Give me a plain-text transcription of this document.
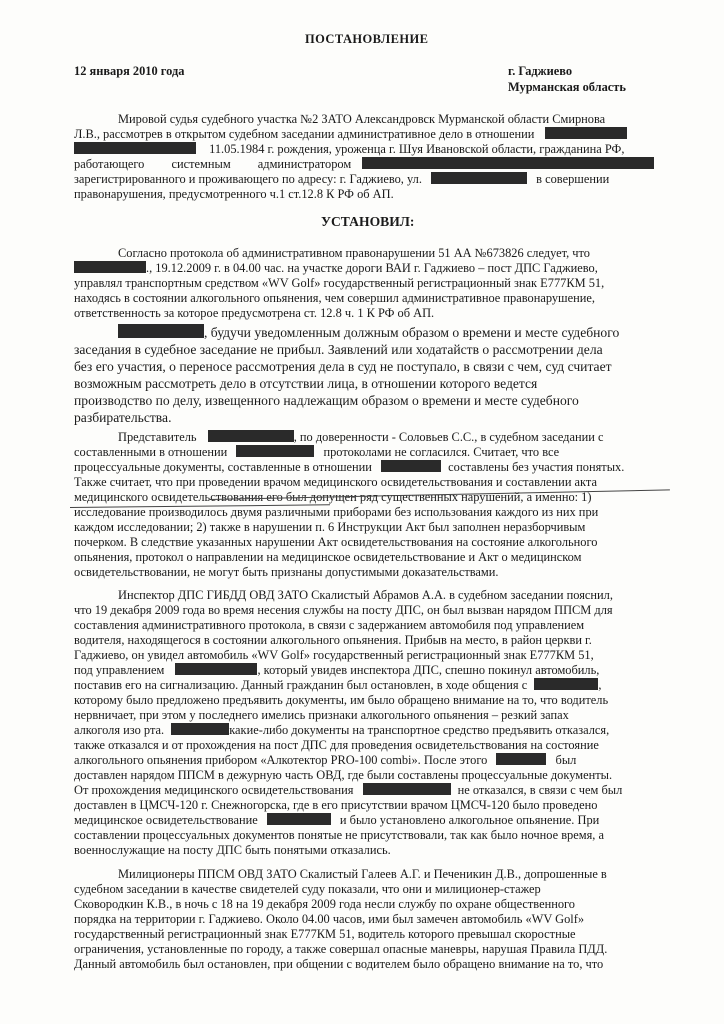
ПОСТАНОВЛЕНИЕ
12 января 2010 года	г. Гаджиево
Мурманская область
Мировой судья судебного участка №2 ЗАТО Александровск Мурманской области Смирнова
Л.В., рассмотрев в открытом судебном заседании административное дело в отношении
11.05.1984 г. рождения, уроженца г. Шуя Ивановской области, гражданина РФ,
работающего системным администратором
зарегистрированного и проживающего по адресу: г. Гаджиево, ул.	в совершении
правонарушения, предусмотренного ч.1 ст.12.8 К РФ об АП.
УСТАНОВИЛ:
Согласно протокола об административном правонарушении 51 АА №673826 следует, что
., 19.12.2009 г. в 04.00 час. на участке дороги ВАИ г. Гаджиево – пост ДПС Гаджиево,
управлял транспортным средством «WV Golf» государственный регистрационный знак Е777КМ 51,
находясь в состоянии алкогольного опьянения, чем совершил административное правонарушение,
ответственность за которое предусмотрена ст. 12.8 ч. 1 К РФ об АП.
, будучи уведомленным должным образом о времени и месте судебного
заседания в судебное заседание не прибыл. Заявлений или ходатайств о рассмотрении дела
без его участия, о переносе рассмотрения дела в суд не поступало, в связи с чем, суд считает
возможным рассмотреть дело в отсутствии лица, в отношении которого ведется
производство по делу, извещенного надлежащим образом о времени и месте судебного
разбирательства.
Представитель	, по доверенности - Соловьев С.С., в судебном заседании с
составленными в отношении	протоколами не согласился. Считает, что все
процессуальные документы, составленные в отношении	составлены без участия понятых.
Также считает, что при проведении врачом медицинского освидетельствования и составлении акта
медицинского освидетельствования его был допущен ряд существенных нарушений, а именно: 1)
исследование производилось двумя различными приборами без использования каждого из них при
каждом исследовании; 2) также в нарушении п. 6 Инструкции Акт был заполнен неразборчивым
почерком. В следствие указанных нарушении Акт освидетельствования на состояние алкогольного
опьянения, протокол о направлении на медицинское освидетельствование и Акт о медицинском
освидетельствовании, не могут быть признаны допустимыми доказательствами.
Инспектор ДПС ГИБДД ОВД ЗАТО Скалистый Абрамов А.А. в судебном заседании пояснил,
что 19 декабря 2009 года во время несения службы на посту ДПС, он был вызван нарядом ППСМ для
составления административного протокола, в связи с задержанием автомобиля под управлением
водителя, находящегося в состоянии алкогольного опьянения. Прибыв на место, в район церкви г.
Гаджиево, он увидел автомобиль «WV Golf» государственный регистрационный знак Е777КМ 51,
под управлением	, который увидев инспектора ДПС, спешно покинул автомобиль,
поставив его на сигнализацию. Данный гражданин был остановлен, в ходе общения с	,
которому было предложено предъявить документы, им было обращено внимание на то, что водитель
нервничает, при этом у последнего имелись признаки алкогольного опьянения – резкий запах
алкоголя изо рта.	какие-либо документы на транспортное средство предъявить отказался,
также отказался и от прохождения на пост ДПС для проведения освидетельствования на состояние
алкогольного опьянения прибором «Алкотектор PRO-100 combi». После этого	был
доставлен нарядом ППСМ в дежурную часть ОВД, где были составлены процессуальные документы.
От прохождения медицинского освидетельствования	не отказался, в связи с чем был
доставлен в ЦМСЧ-120 г. Снежногорска, где в его присутствии врачом ЦМСЧ-120 было проведено
медицинское освидетельствование	и было установлено алкогольное опьянение. При
составлении процессуальных документов понятые не присутствовали, так как было ночное время, а
военнослужащие на посту ДПС быть понятыми отказались.
Милиционеры ППСМ ОВД ЗАТО Скалистый Галеев А.Г. и Печеникин Д.В., допрошенные в
судебном заседании в качестве свидетелей суду показали, что они и милиционер-стажер
Сковородкин К.В., в ночь с 18 на 19 декабря 2009 года несли службу по охране общественного
порядка на территории г. Гаджиево. Около 04.00 часов, ими был замечен автомобиль «WV Golf»
государственный регистрационный знак Е777КМ 51, водитель которого превышал скоростные
ограничения, установленные по городу, а также совершал опасные маневры, нарушая Правила ПДД.
Данный автомобиль был остановлен, при общении с водителем было обращено внимание на то, что
